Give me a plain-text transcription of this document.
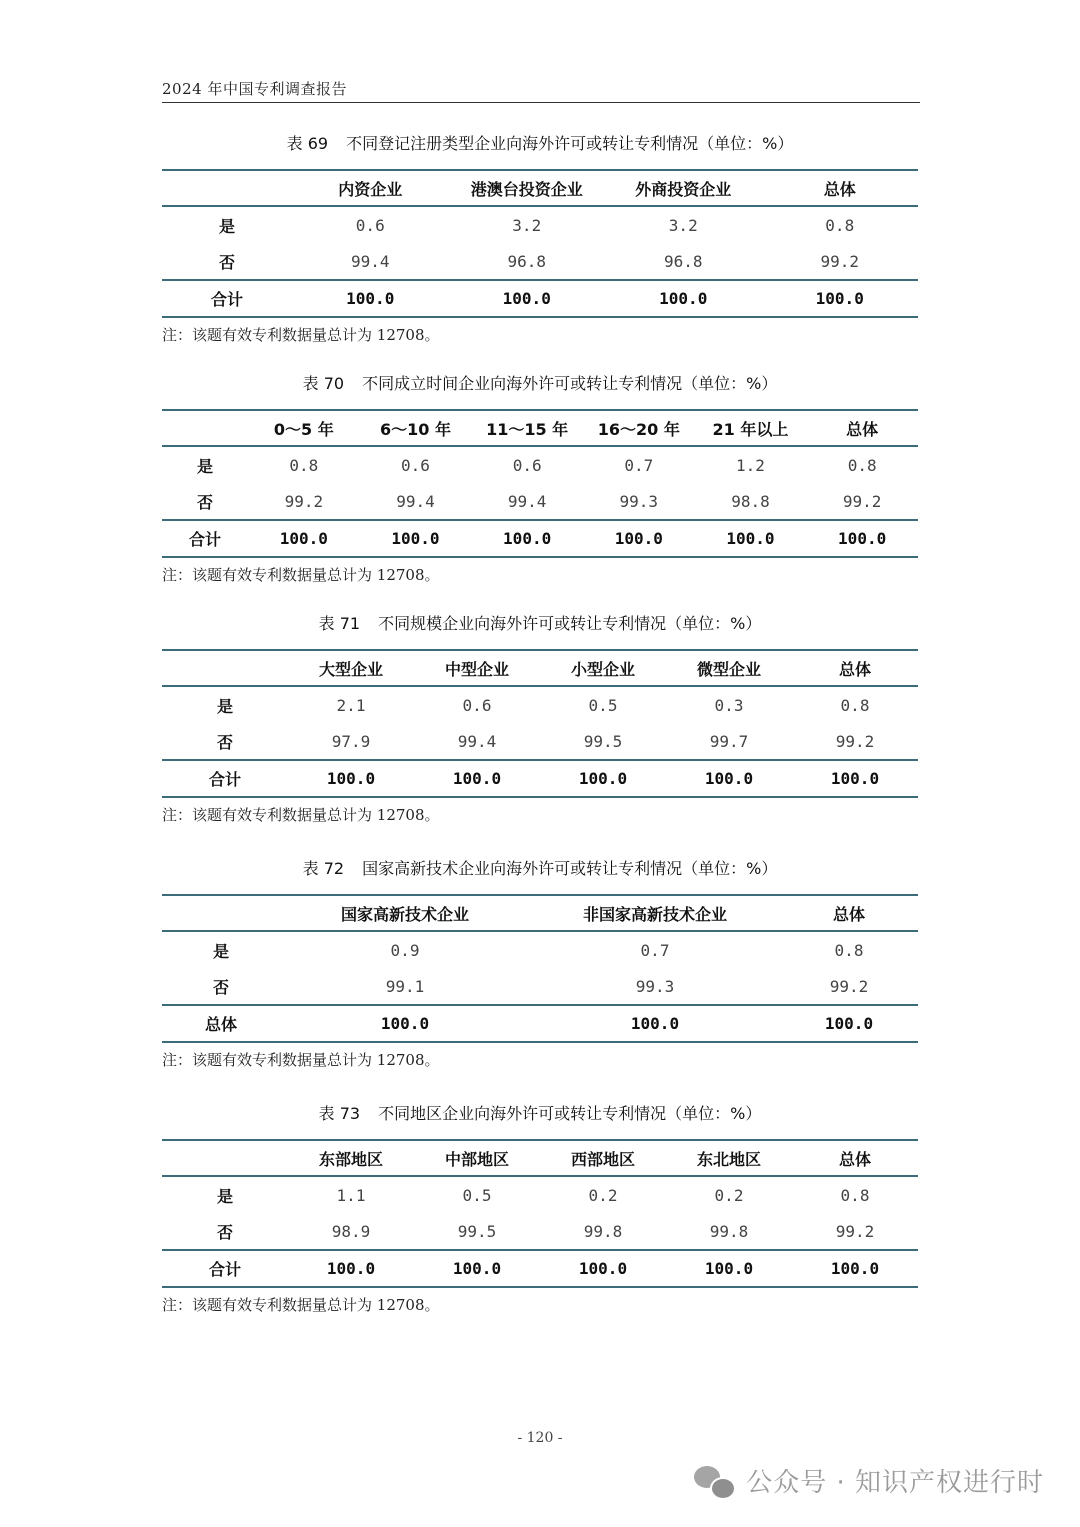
2024 年中国专利调查报告
表 69 不同登记注册类型企业向海外许可或转让专利情况（单位：%）
	内资企业	港澳台投资企业	外商投资企业	总体
是	0.6	3.2	3.2	0.8
否	99.4	96.8	96.8	99.2
合计	100.0	100.0	100.0	100.0
注：该题有效专利数据量总计为 12708。
表 70 不同成立时间企业向海外许可或转让专利情况（单位：%）
	0～5 年	6～10 年	11～15 年	16～20 年	21 年以上	总体
是	0.8	0.6	0.6	0.7	1.2	0.8
否	99.2	99.4	99.4	99.3	98.8	99.2
合计	100.0	100.0	100.0	100.0	100.0	100.0
注：该题有效专利数据量总计为 12708。
表 71 不同规模企业向海外许可或转让专利情况（单位：%）
	大型企业	中型企业	小型企业	微型企业	总体
是	2.1	0.6	0.5	0.3	0.8
否	97.9	99.4	99.5	99.7	99.2
合计	100.0	100.0	100.0	100.0	100.0
注：该题有效专利数据量总计为 12708。
表 72 国家高新技术企业向海外许可或转让专利情况（单位：%）
	国家高新技术企业	非国家高新技术企业	总体
是	0.9	0.7	0.8
否	99.1	99.3	99.2
总体	100.0	100.0	100.0
注：该题有效专利数据量总计为 12708。
表 73 不同地区企业向海外许可或转让专利情况（单位：%）
	东部地区	中部地区	西部地区	东北地区	总体
是	1.1	0.5	0.2	0.2	0.8
否	98.9	99.5	99.8	99.8	99.2
合计	100.0	100.0	100.0	100.0	100.0
注：该题有效专利数据量总计为 12708。
- 120 -
公众号 · 知识产权进行时
